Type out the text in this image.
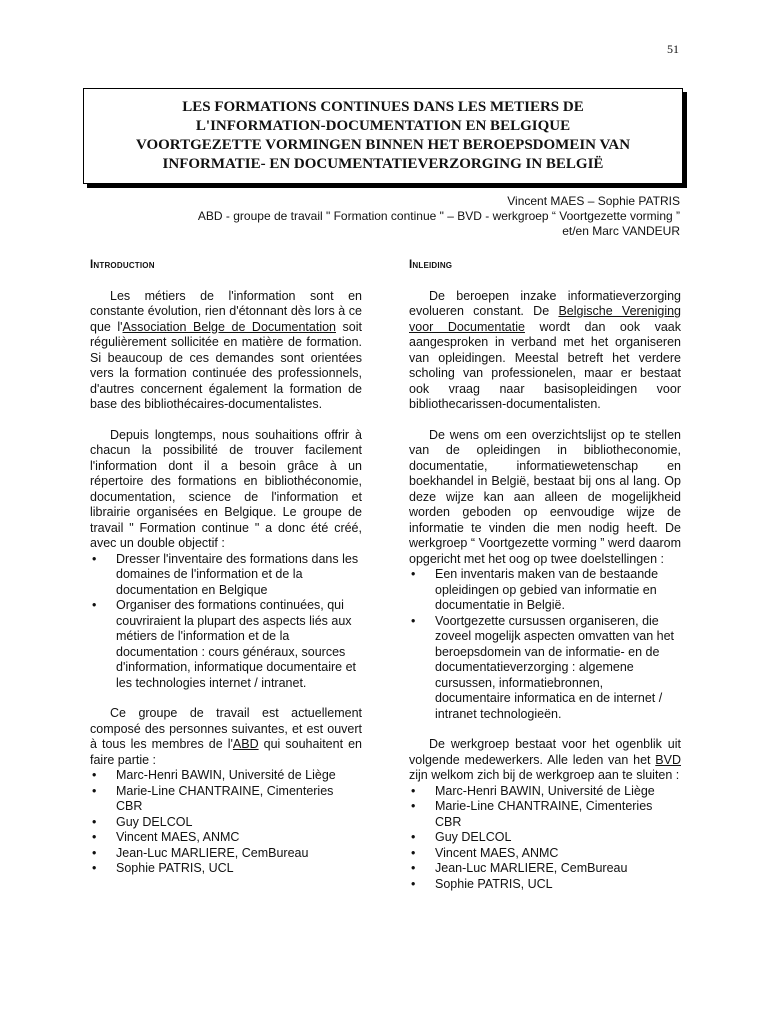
51
LES FORMATIONS CONTINUES DANS LES METIERS DE
L'INFORMATION-DOCUMENTATION EN BELGIQUE
VOORTGEZETTE VORMINGEN BINNEN HET BEROEPSDOMEIN VAN
INFORMATIE- EN DOCUMENTATIEVERZORGING IN BELGIË
Vincent MAES – Sophie PATRIS
ABD - groupe de travail " Formation continue " – BVD - werkgroep “ Voortgezette vorming ”
et/en Marc VANDEUR
Introduction

Les métiers de l'information sont en constante évolution, rien d'étonnant dès lors à ce que l'Association Belge de Documentation soit régulièrement sollicitée en matière de formation. Si beaucoup de ces demandes sont orientées vers la formation continuée des professionnels, d'autres concernent également la formation de base des bibliothécaires-documentalistes.

Depuis longtemps, nous souhaitions offrir à chacun la possibilité de trouver facilement l'information dont il a besoin grâce à un répertoire des formations en bibliothéconomie, documentation, science de l'information et librairie organisées en Belgique. Le groupe de travail " Formation continue " a donc été créé, avec un double objectif :

• Dresser l'inventaire des formations dans les domaines de l'information et de la documentation en Belgique
• Organiser des formations continuées, qui couvriraient la plupart des aspects liés aux métiers de l'information et de la documentation : cours généraux, sources d'information, informatique documentaire et les technologies internet / intranet.

Ce groupe de travail est actuellement composé des personnes suivantes, et est ouvert à tous les membres de l'ABD qui souhaitent en faire partie :

• Marc-Henri BAWIN, Université de Liège
• Marie-Line CHANTRAINE, Cimenteries CBR
• Guy DELCOL
• Vincent MAES, ANMC
• Jean-Luc MARLIERE, CemBureau
• Sophie PATRIS, UCL
Inleiding

De beroepen inzake informatieverzorging evolueren constant. De Belgische Vereniging voor Documentatie wordt dan ook vaak aangesproken in verband met het organiseren van opleidingen. Meestal betreft het verdere scholing van professionelen, maar er bestaat ook vraag naar basisopleidingen voor bibliothecarissen-documentalisten.

De wens om een overzichtslijst op te stellen van de opleidingen in bibliotheconomie, documentatie, informatiewetenschap en boekhandel in België, bestaat bij ons al lang. Op deze wijze kan aan alleen de mogelijkheid worden geboden op eenvoudige wijze de informatie te vinden die men nodig heeft. De werkgroep “ Voortgezette vorming ” werd daarom opgericht met het oog op twee doelstellingen :

• Een inventaris maken van de bestaande opleidingen op gebied van informatie en documentatie in België.
• Voortgezette cursussen organiseren, die zoveel mogelijk aspecten omvatten van het beroepsdomein van de informatie- en de documentatieverzorging : algemene cursussen, informatiebronnen, documentaire informatica en de internet / intranet technologieën.

De werkgroep bestaat voor het ogenblik uit volgende medewerkers. Alle leden van het BVD zijn welkom zich bij de werkgroep aan te sluiten :

• Marc-Henri BAWIN, Université de Liège
• Marie-Line CHANTRAINE, Cimenteries CBR
• Guy DELCOL
• Vincent MAES, ANMC
• Jean-Luc MARLIERE, CemBureau
• Sophie PATRIS, UCL
